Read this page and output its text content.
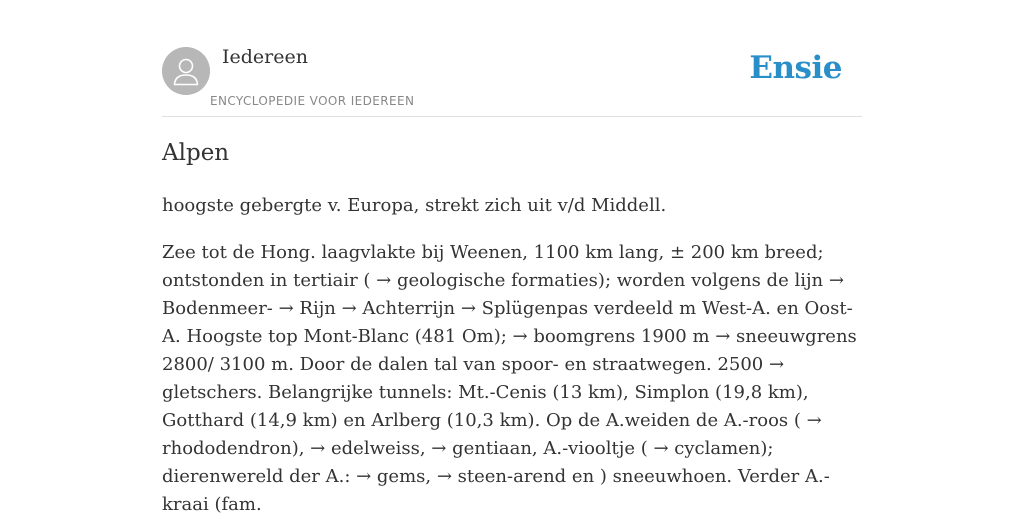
Iedereen
ENCYCLOPEDIE VOOR IEDEREEN
Ensie
Alpen

hoogste gebergte v. Europa, strekt zich uit v/d Middell.

Zee tot de Hong. laagvlakte bij Weenen, 1100 km lang, ± 200 km breed; ontstonden in tertiair ( → geologische formaties); worden volgens de lijn → Bodenmeer- → Rijn → Achterrijn → Splügenpas verdeeld m West-A. en Oost-A. Hoogste top Mont-Blanc (481 Om); → boomgrens 1900 m → sneeuwgrens 2800/ 3100 m. Door de dalen tal van spoor- en straatwegen. 2500 → gletschers. Belangrijke tunnels: Mt.-Cenis (13 km), Simplon (19,8 km), Gotthard (14,9 km) en Arlberg (10,3 km). Op de A.weiden de A.-roos ( → rhododendron), → edelweiss, → gentiaan, A.-viooltje ( → cyclamen); dierenwereld der A.: → gems, → steen-arend en ) sneeuwhoen. Verder A.-kraai (fam.
